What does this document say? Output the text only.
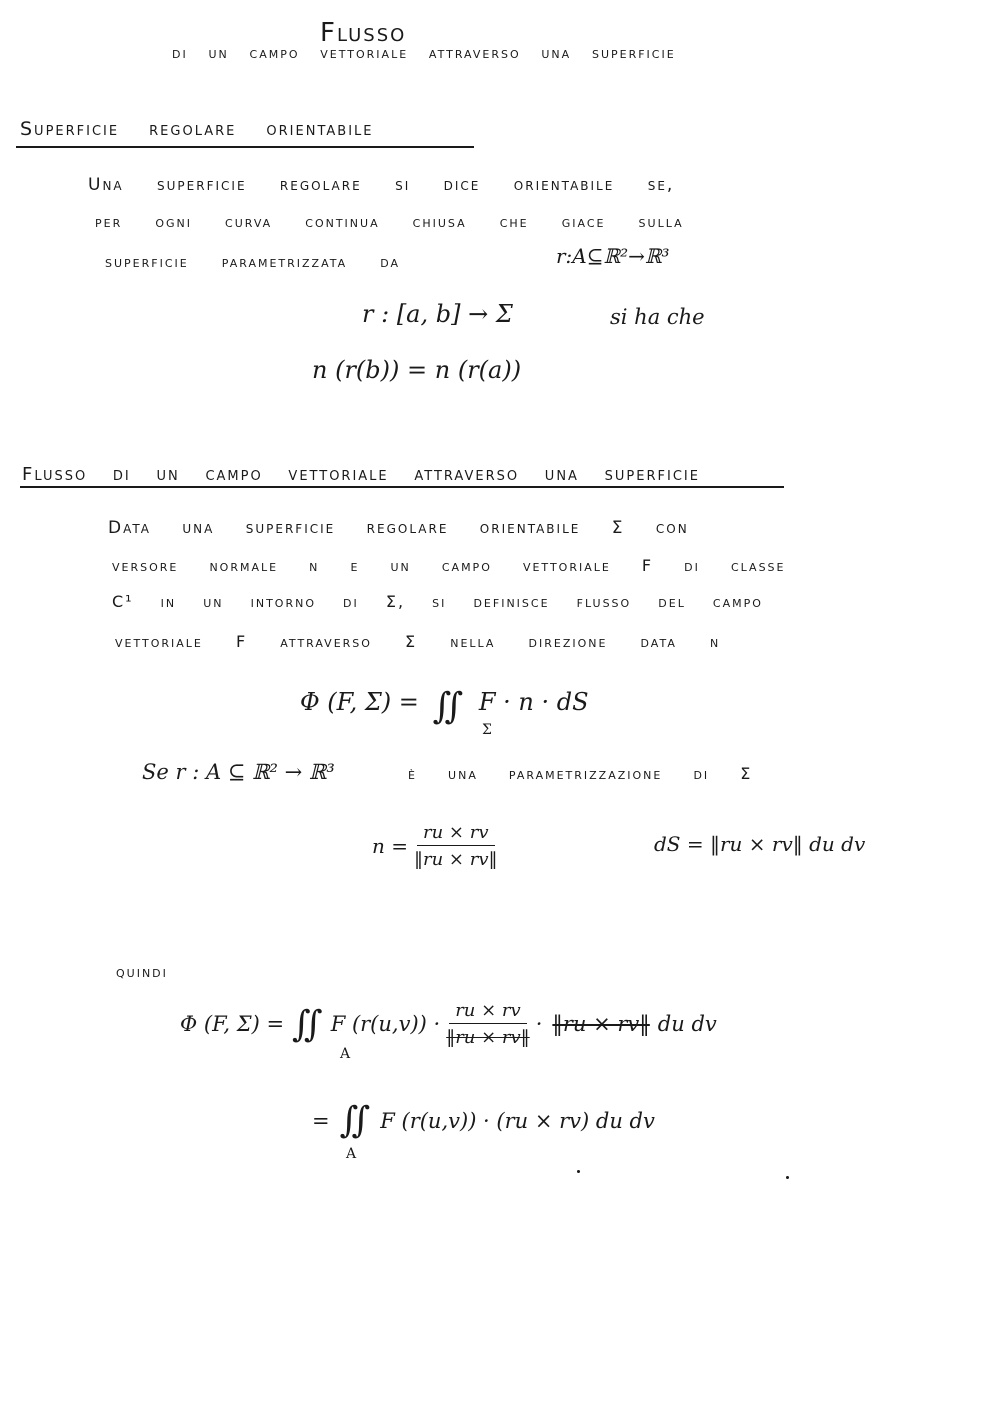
Flusso
di un campo vettoriale attraverso una superficie
Superficie regolare orientabile
Una superficie regolare si dice orientabile se,
per ogni curva continua chiusa che giace sulla
superficie parametrizzata da	r:A⊆ℝ²→ℝ³
r : [a, b] → Σ	si ha che
n (r(b)) = n (r(a))
Flusso di un campo vettoriale attraverso una superficie
Data una superficie regolare orientabile Σ con
versore normale n e un campo vettoriale F di classe
C¹ in un intorno di Σ, si definisce flusso del campo
vettoriale F attraverso Σ nella direzione data n
Φ (F, Σ) = ∬ F · n · dS
Σ
Se r : A ⊆ ℝ² → ℝ³	è una parametrizzazione di Σ
$n = \frac{ru \times rv}{‖ru \times rv‖}$	dS = ‖ru × rv‖ du dv
quindi
Φ (F, Σ) = ∬ F $(r(u,v)) \cdot \frac{ru \times rv}{‖ru \times rv‖}$ · ‖ru × rv‖ du dv
A
= ∬ F (r(u,v)) · (ru × rv) du dv
A
